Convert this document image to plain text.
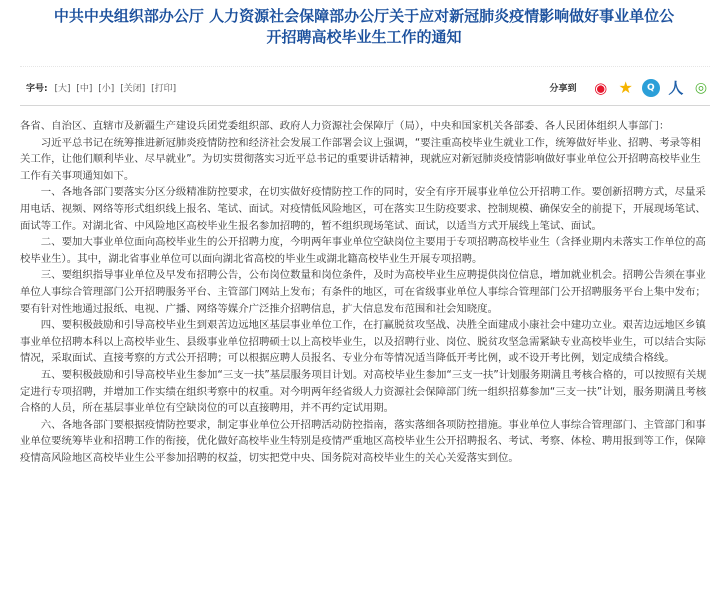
中共中央组织部办公厅 人力资源社会保障部办公厅关于应对新冠肺炎疫情影响做好事业单位公
开招聘高校毕业生工作的通知
字号: [大] [中] [小] [关闭] [打印]	分享到 ◉ ★ Q 人 ◎

各省、自治区、直辖市及新疆生产建设兵团党委组织部、政府人力资源社会保障厅（局），中央和国家机关各部委、各人民团体组织人事部门：

习近平总书记在统筹推进新冠肺炎疫情防控和经济社会发展工作部署会议上强调，“要注重高校毕业生就业工作，统筹做好毕业、招聘、考录等相关工作，让他们顺利毕业、尽早就业”。为切实贯彻落实习近平总书记的重要讲话精神，现就应对新冠肺炎疫情影响做好事业单位公开招聘高校毕业生工作有关事项通知如下。

一、各地各部门要落实分区分级精准防控要求，在切实做好疫情防控工作的同时，安全有序开展事业单位公开招聘工作。要创新招聘方式，尽量采用电话、视频、网络等形式组织线上报名、笔试、面试。对疫情低风险地区，可在落实卫生防疫要求、控制规模、确保安全的前提下，开展现场笔试、面试等工作。对湖北省、中风险地区高校毕业生报名参加招聘的，暂不组织现场笔试、面试，以适当方式开展线上笔试、面试。

二、要加大事业单位面向高校毕业生的公开招聘力度，今明两年事业单位空缺岗位主要用于专项招聘高校毕业生（含择业期内未落实工作单位的高校毕业生）。其中，湖北省事业单位可以面向湖北省高校的毕业生或湖北籍高校毕业生开展专项招聘。

三、要组织指导事业单位及早发布招聘公告，公布岗位数量和岗位条件，及时为高校毕业生应聘提供岗位信息，增加就业机会。招聘公告须在事业单位人事综合管理部门公开招聘服务平台、主管部门网站上发布；有条件的地区，可在省级事业单位人事综合管理部门公开招聘服务平台上集中发布；要有针对性地通过报纸、电视、广播、网络等媒介广泛推介招聘信息，扩大信息发布范围和社会知晓度。

四、要积极鼓励和引导高校毕业生到艰苦边远地区基层事业单位工作，在打赢脱贫攻坚战、决胜全面建成小康社会中建功立业。艰苦边远地区乡镇事业单位招聘本科以上高校毕业生、县级事业单位招聘硕士以上高校毕业生，以及招聘行业、岗位、脱贫攻坚急需紧缺专业高校毕业生，可以结合实际情况，采取面试、直接考察的方式公开招聘；可以根据应聘人员报名、专业分布等情况适当降低开考比例，或不设开考比例，划定成绩合格线。

五、要积极鼓励和引导高校毕业生参加“三支一扶”基层服务项目计划。对高校毕业生参加“三支一扶”计划服务期满且考核合格的，可以按照有关规定进行专项招聘，并增加工作实绩在组织考察中的权重。对今明两年经省级人力资源社会保障部门统一组织招募参加“三支一扶”计划，服务期满且考核合格的人员，所在基层事业单位有空缺岗位的可以直接聘用，并不再约定试用期。

六、各地各部门要根据疫情防控要求，制定事业单位公开招聘活动防控指南，落实落细各项防控措施。事业单位人事综合管理部门、主管部门和事业单位要统筹毕业和招聘工作的衔接，优化做好高校毕业生特别是疫情严重地区高校毕业生公开招聘报名、考试、考察、体检、聘用报到等工作，保障疫情高风险地区高校毕业生公平参加招聘的权益，切实把党中央、国务院对高校毕业生的关心关爱落实到位。
